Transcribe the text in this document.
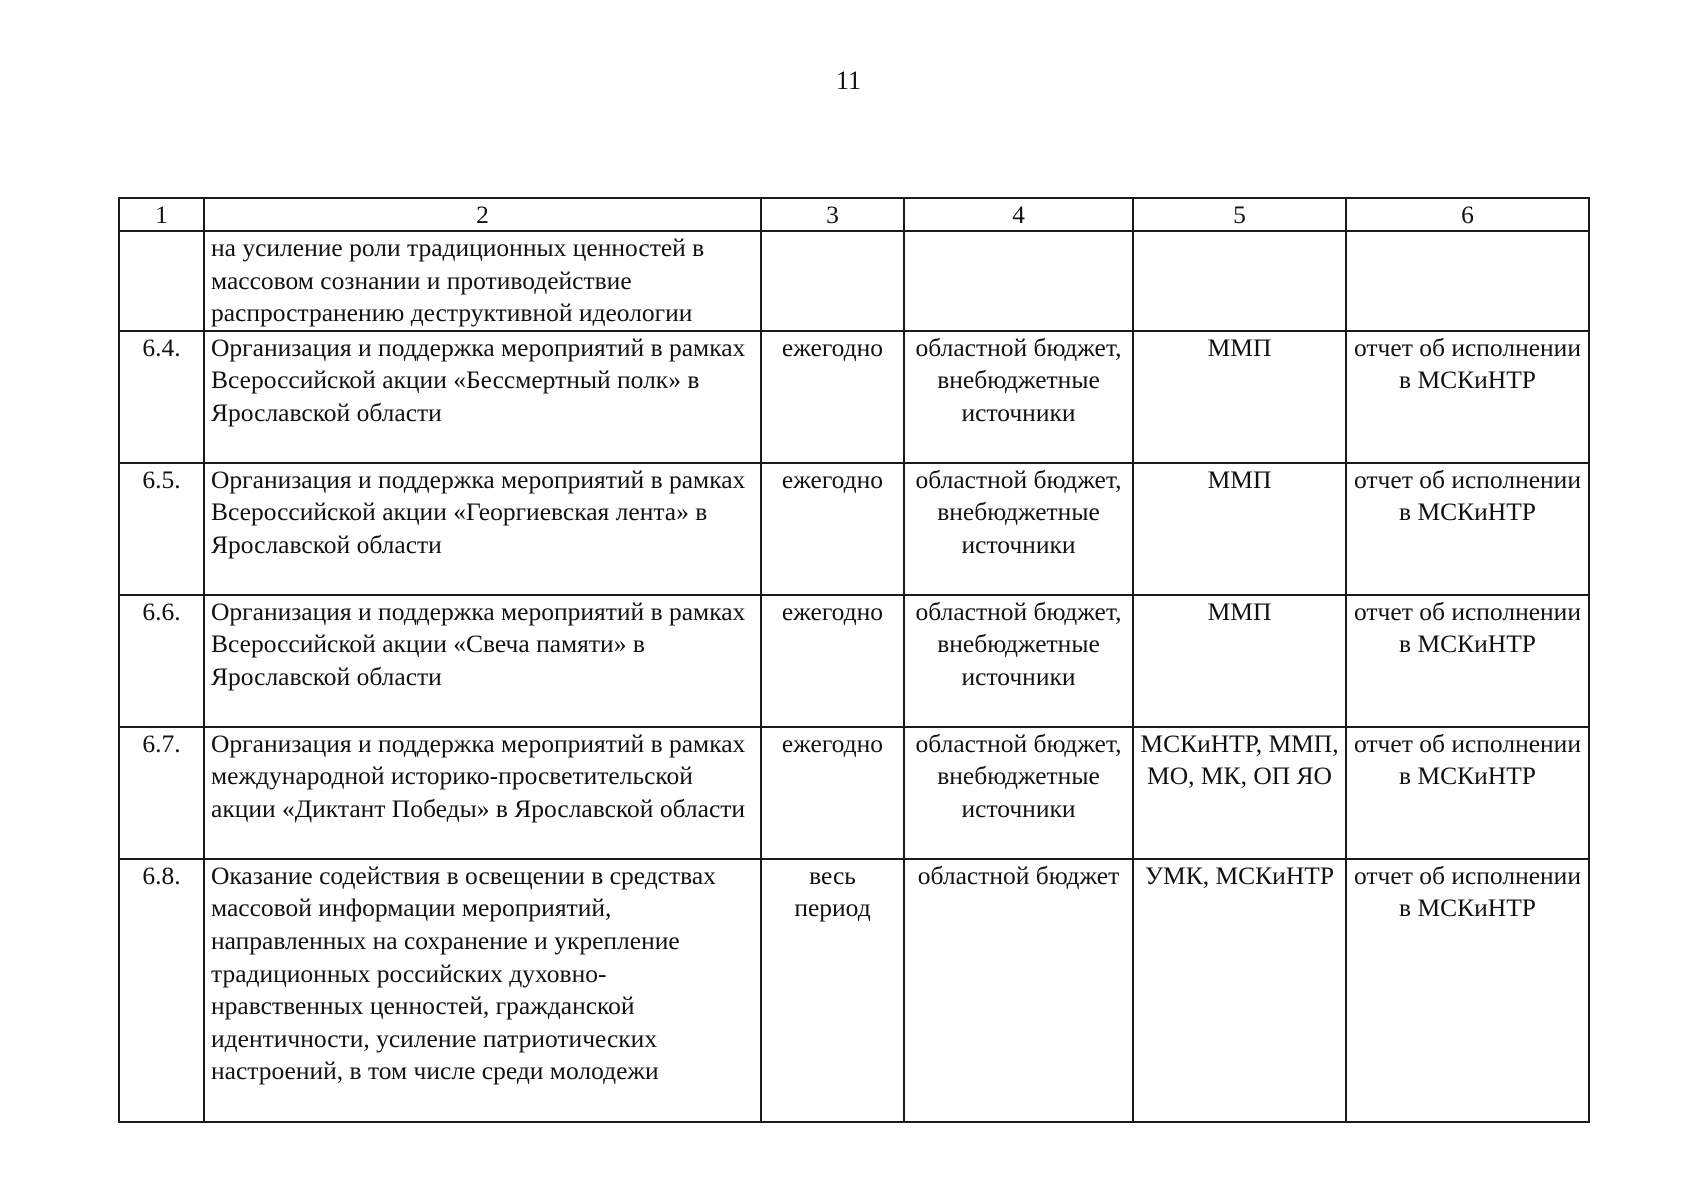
11
1	2	3	4	5	6
	на усиление роли традиционных ценностей в массовом сознании и противодействие распространению деструктивной идеологии				
6.4.	Организация и поддержка мероприятий в рамках Всероссийской акции «Бессмертный полк» в Ярославской области	ежегодно	областной бюджет, внебюджетные источники	ММП	отчет об исполнении в МСКиНТР
6.5.	Организация и поддержка мероприятий в рамках Всероссийской акции «Георгиевская лента» в Ярославской области	ежегодно	областной бюджет, внебюджетные источники	ММП	отчет об исполнении в МСКиНТР
6.6.	Организация и поддержка мероприятий в рамках Всероссийской акции «Свеча памяти» в Ярославской области	ежегодно	областной бюджет, внебюджетные источники	ММП	отчет об исполнении в МСКиНТР
6.7.	Организация и поддержка мероприятий в рамках международной историко-просветительской акции «Диктант Победы» в Ярославской области	ежегодно	областной бюджет, внебюджетные источники	МСКиНТР, ММП, МО, МК, ОП ЯО	отчет об исполнении в МСКиНТР
6.8.	Оказание содействия в освещении в средствах массовой информации мероприятий, направленных на сохранение и укрепление традиционных российских духовно-нравственных ценностей, гражданской идентичности, усиление патриотических настроений, в том числе среди молодежи	весь период	областной бюджет	УМК, МСКиНТР	отчет об исполнении в МСКиНТР
